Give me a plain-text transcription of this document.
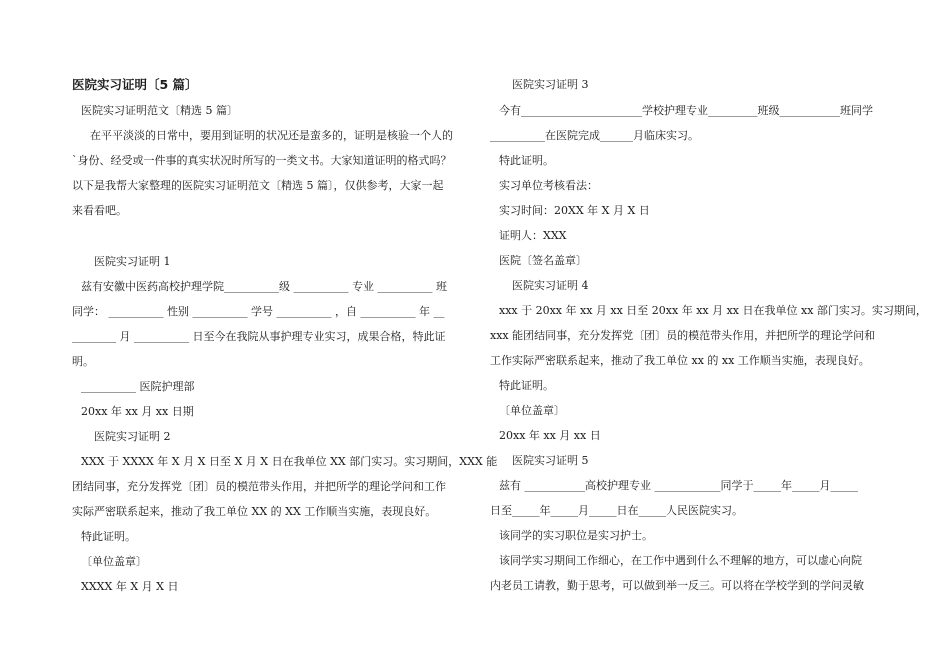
医院实习证明〔5 篇〕
医院实习证明范文〔精选 5 篇〕
在平平淡淡的日常中，要用到证明的状况还是蛮多的，证明是核验一个人的
`身份、经受或一件事的真实状况时所写的一类文书。大家知道证明的格式吗？
以下是我帮大家整理的医院实习证明范文〔精选 5 篇〕，仅供参考，大家一起
来看看吧。
医院实习证明 1
兹有安徽中医药高校护理学院__________级 __________ 专业 __________ 班
同学： __________ 性别 __________ 学号 __________ ，自 __________ 年 __
________ 月 __________ 日至今在我院从事护理专业实习，成果合格，特此证
明。
__________ 医院护理部
20xx 年 xx 月 xx 日期
医院实习证明 2
XXX 于 XXXX 年 X 月 X 日至 X 月 X 日在我单位 XX 部门实习。实习期间，XXX 能
团结同事，充分发挥党〔团〕员的模范带头作用，并把所学的理论学问和工作
实际严密联系起来，推动了我工单位 XX 的 XX 工作顺当实施，表现良好。
特此证明。
〔单位盖章〕
XXXX 年 X 月 X 日
医院实习证明 3
今有______________________学校护理专业_________班级___________班同学
__________在医院完成______月临床实习。
特此证明。
实习单位考核看法：
实习时间：20XX 年 X 月 X 日
证明人：XXX
医院〔签名盖章〕
医院实习证明 4
xxx 于 20xx 年 xx 月 xx 日至 20xx 年 xx 月 xx 日在我单位 xx 部门实习。实习期间，
xxx 能团结同事，充分发挥党〔团〕员的模范带头作用，并把所学的理论学问和
工作实际严密联系起来，推动了我工单位 xx 的 xx 工作顺当实施，表现良好。
特此证明。
〔单位盖章〕
20xx 年 xx 月 xx 日
医院实习证明 5
兹有 ___________高校护理专业 ____________同学于_____年_____月_____
日至_____年_____月_____日在_____人民医院实习。
该同学的实习职位是实习护士。
该同学实习期间工作细心，在工作中遇到什么不理解的地方，可以虚心向院
内老员工请教，勤于思考，可以做到举一反三。可以将在学校学到的学问灵敏
